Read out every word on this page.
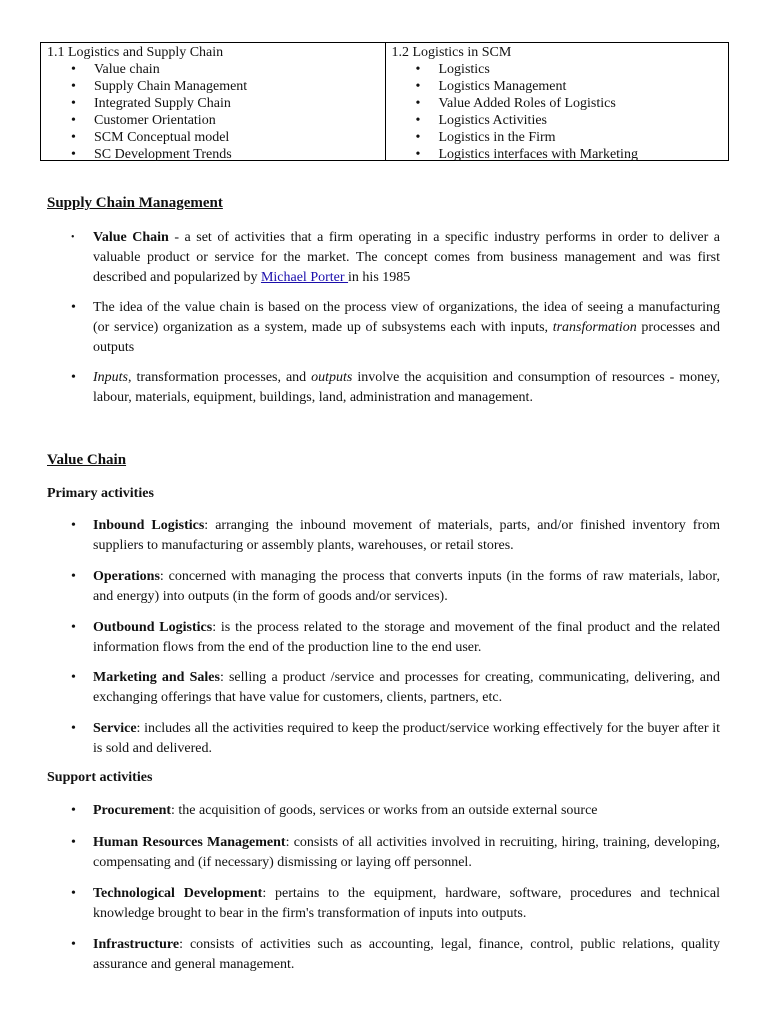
1.1 Logistics and Supply Chain
• Value chain
• Supply Chain Management
• Integrated Supply Chain
• Customer Orientation
• SCM Conceptual model
• SC Development Trends
1.2 Logistics in SCM
• Logistics
• Logistics Management
• Value Added Roles of Logistics
• Logistics Activities
• Logistics in the Firm
• Logistics interfaces with Marketing
Supply Chain Management
• Value Chain - a set of activities that a firm operating in a specific industry performs in order to deliver a valuable product or service for the market. The concept comes from business management and was first described and popularized by Michael Porter in his 1985
• The idea of the value chain is based on the process view of organizations, the idea of seeing a manufacturing (or service) organization as a system, made up of subsystems each with inputs, transformation processes and outputs
• Inputs, transformation processes, and outputs involve the acquisition and consumption of resources - money, labour, materials, equipment, buildings, land, administration and management.
Value Chain
Primary activities
• Inbound Logistics: arranging the inbound movement of materials, parts, and/or finished inventory from suppliers to manufacturing or assembly plants, warehouses, or retail stores.
• Operations: concerned with managing the process that converts inputs (in the forms of raw materials, labor, and energy) into outputs (in the form of goods and/or services).
• Outbound Logistics: is the process related to the storage and movement of the final product and the related information flows from the end of the production line to the end user.
• Marketing and Sales: selling a product /service and processes for creating, communicating, delivering, and exchanging offerings that have value for customers, clients, partners, etc.
• Service: includes all the activities required to keep the product/service working effectively for the buyer after it is sold and delivered.
Support activities
• Procurement: the acquisition of goods, services or works from an outside external source
• Human Resources Management: consists of all activities involved in recruiting, hiring, training, developing, compensating and (if necessary) dismissing or laying off personnel.
• Technological Development: pertains to the equipment, hardware, software, procedures and technical knowledge brought to bear in the firm's transformation of inputs into outputs.
• Infrastructure: consists of activities such as accounting, legal, finance, control, public relations, quality assurance and general management.
